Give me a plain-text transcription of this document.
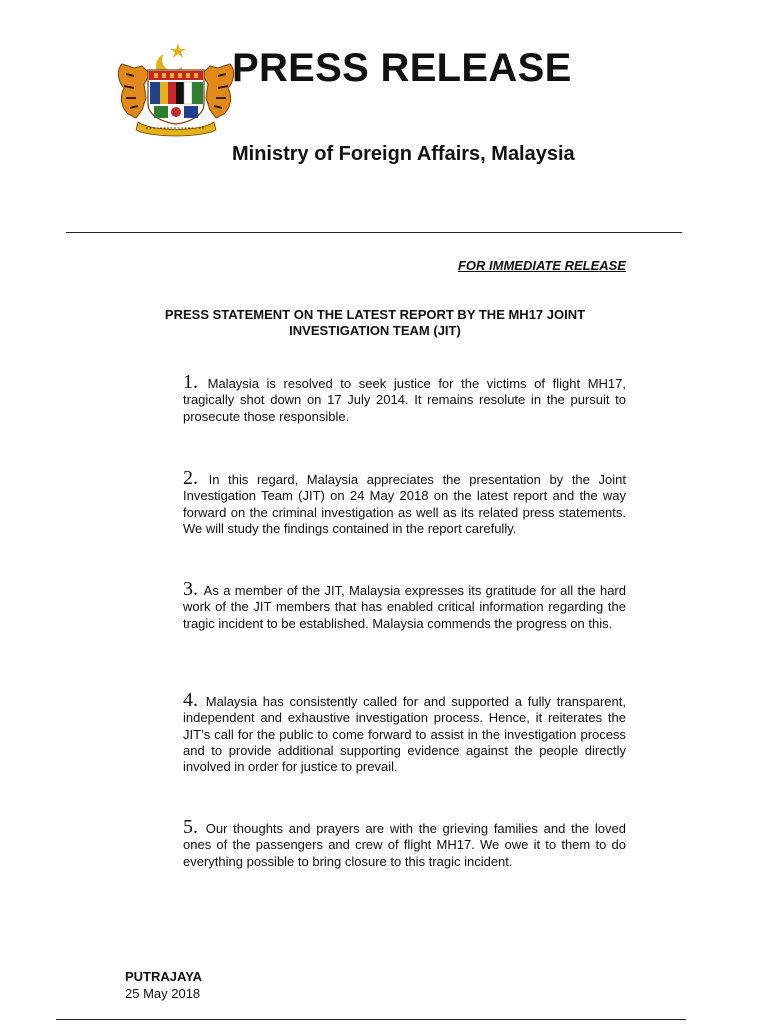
PRESS RELEASE
Ministry of Foreign Affairs, Malaysia
FOR IMMEDIATE RELEASE
PRESS STATEMENT ON THE LATEST REPORT BY THE MH17 JOINT INVESTIGATION TEAM (JIT)
1. Malaysia is resolved to seek justice for the victims of flight MH17, tragically shot down on 17 July 2014. It remains resolute in the pursuit to prosecute those responsible.
2. In this regard, Malaysia appreciates the presentation by the Joint Investigation Team (JIT) on 24 May 2018 on the latest report and the way forward on the criminal investigation as well as its related press statements. We will study the findings contained in the report carefully.
3. As a member of the JIT, Malaysia expresses its gratitude for all the hard work of the JIT members that has enabled critical information regarding the tragic incident to be established. Malaysia commends the progress on this.
4. Malaysia has consistently called for and supported a fully transparent, independent and exhaustive investigation process. Hence, it reiterates the JIT’s call for the public to come forward to assist in the investigation process and to provide additional supporting evidence against the people directly involved in order for justice to prevail.
5. Our thoughts and prayers are with the grieving families and the loved ones of the passengers and crew of flight MH17. We owe it to them to do everything possible to bring closure to this tragic incident.
PUTRAJAYA
25 May 2018
